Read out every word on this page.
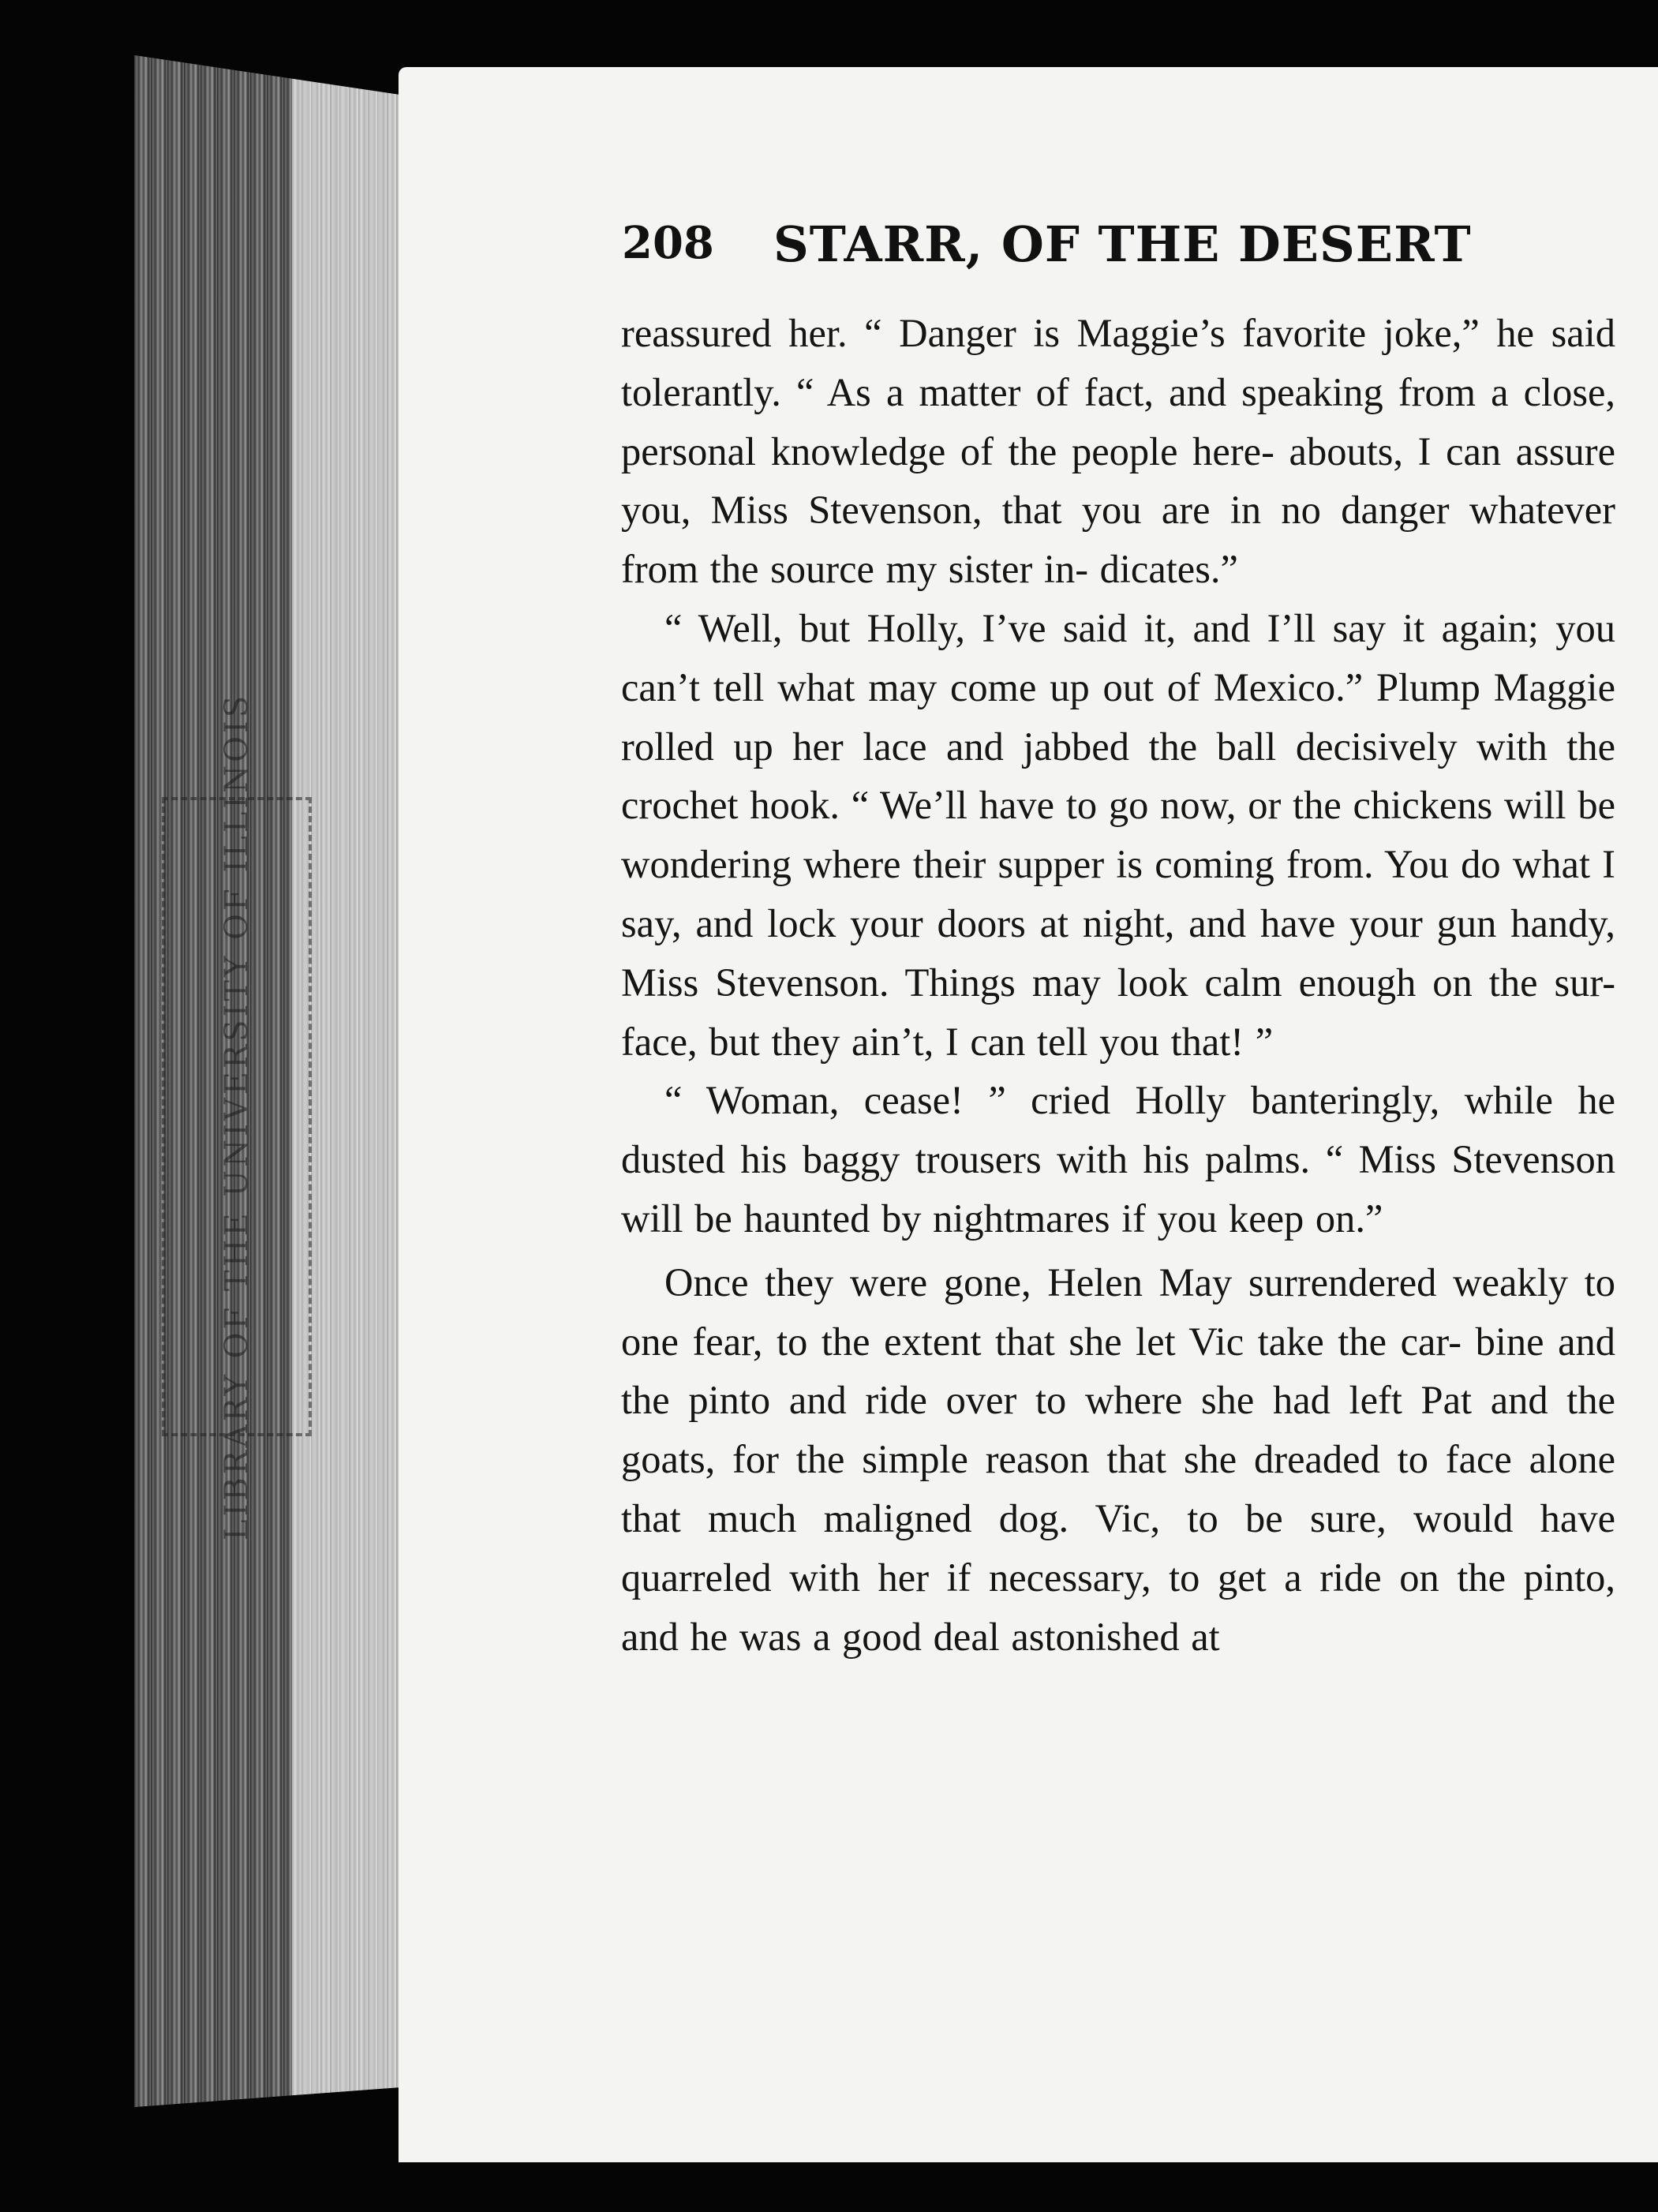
LIBRARY OF THE UNIVERSITY OF ILLINOIS
208 STARR, OF THE DESERT

reassured her. “ Danger is Maggie’s favorite joke,” he said tolerantly. “ As a matter of fact, and speaking from a close, personal knowledge of the people here- abouts, I can assure you, Miss Stevenson, that you are in no danger whatever from the source my sister in- dicates.”

“ Well, but Holly, I’ve said it, and I’ll say it again; you can’t tell what may come up out of Mexico.” Plump Maggie rolled up her lace and jabbed the ball decisively with the crochet hook. “ We’ll have to go now, or the chickens will be wondering where their supper is coming from. You do what I say, and lock your doors at night, and have your gun handy, Miss Stevenson. Things may look calm enough on the sur- face, but they ain’t, I can tell you that! ”

“ Woman, cease! ” cried Holly banteringly, while he dusted his baggy trousers with his palms. “ Miss Stevenson will be haunted by nightmares if you keep on.”

Once they were gone, Helen May surrendered weakly to one fear, to the extent that she let Vic take the car- bine and the pinto and ride over to where she had left Pat and the goats, for the simple reason that she dreaded to face alone that much maligned dog. Vic, to be sure, would have quarreled with her if necessary, to get a ride on the pinto, and he was a good deal astonished at
